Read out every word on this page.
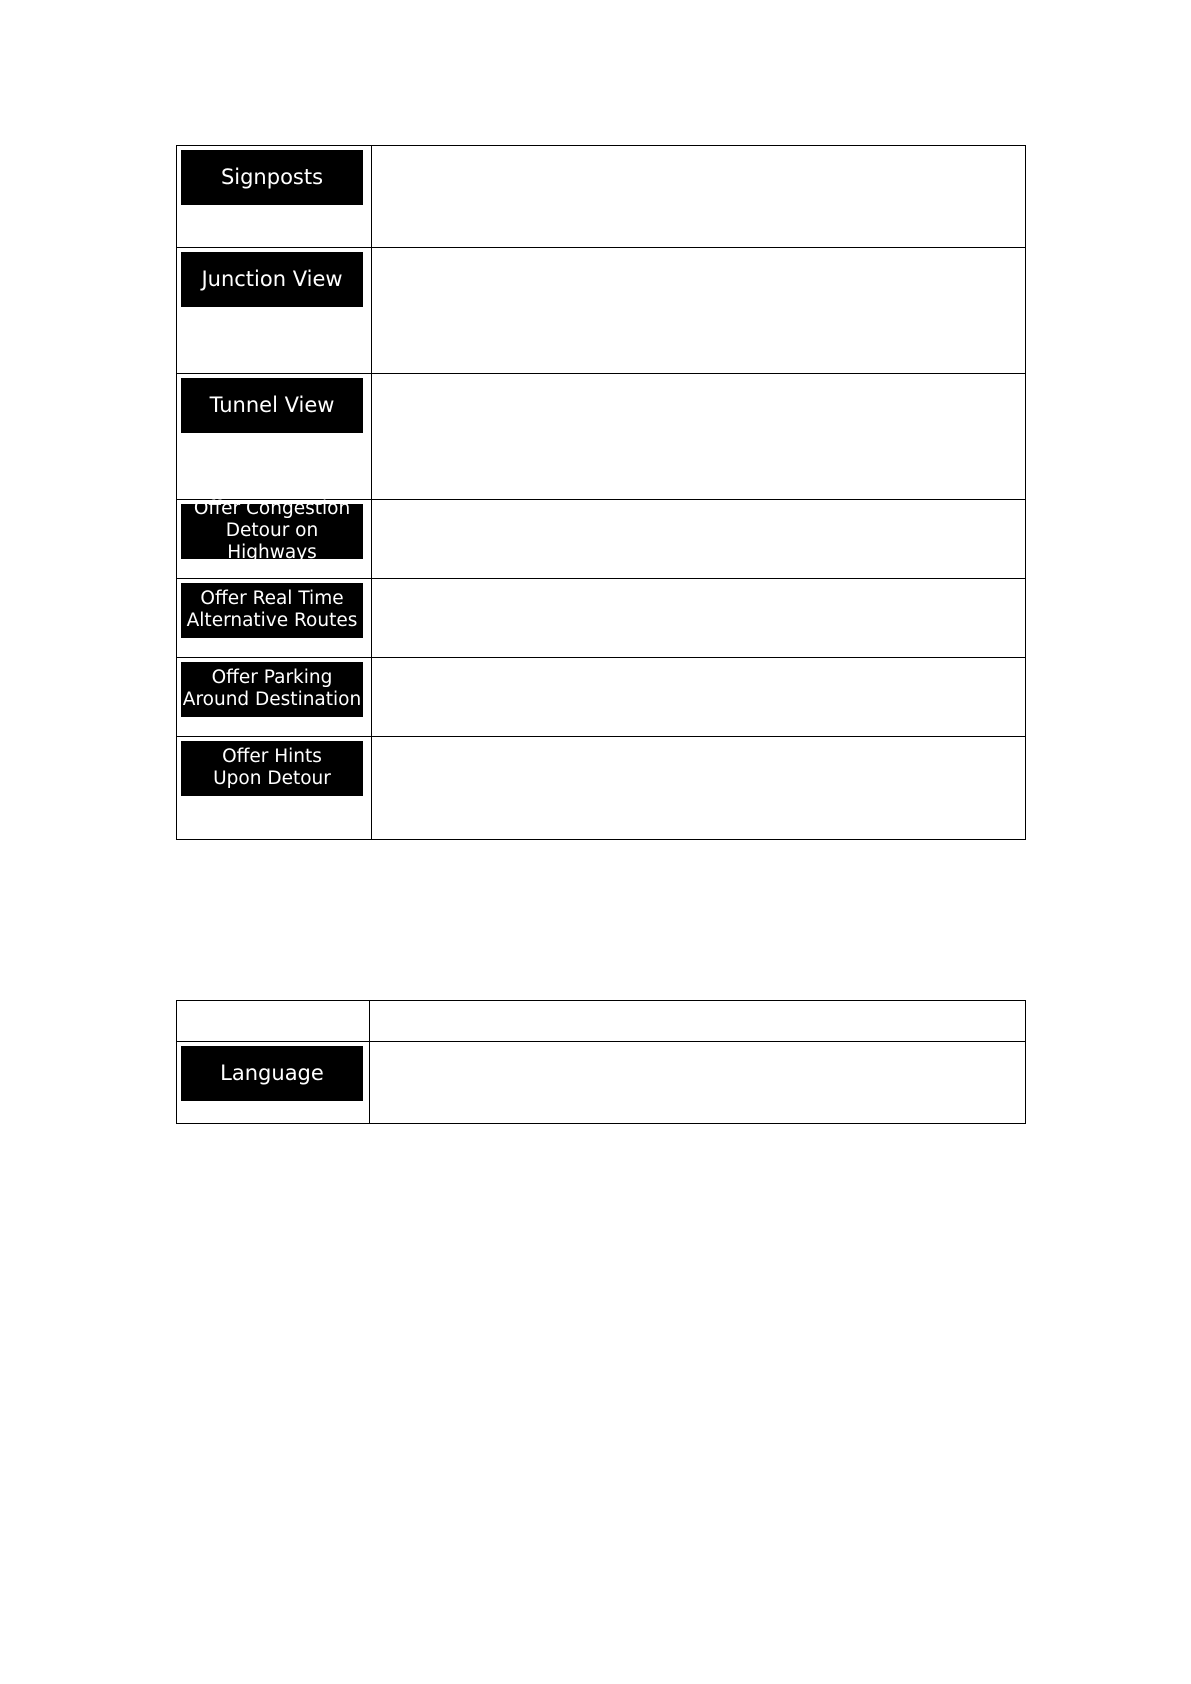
Signposts	

Junction View	

Tunnel View	

Offer Congestion
Detour on Highways	

Offer Real Time
Alternative Routes	

Offer Parking
Around Destination	

Offer Hints
Upon Detour	

Language	
